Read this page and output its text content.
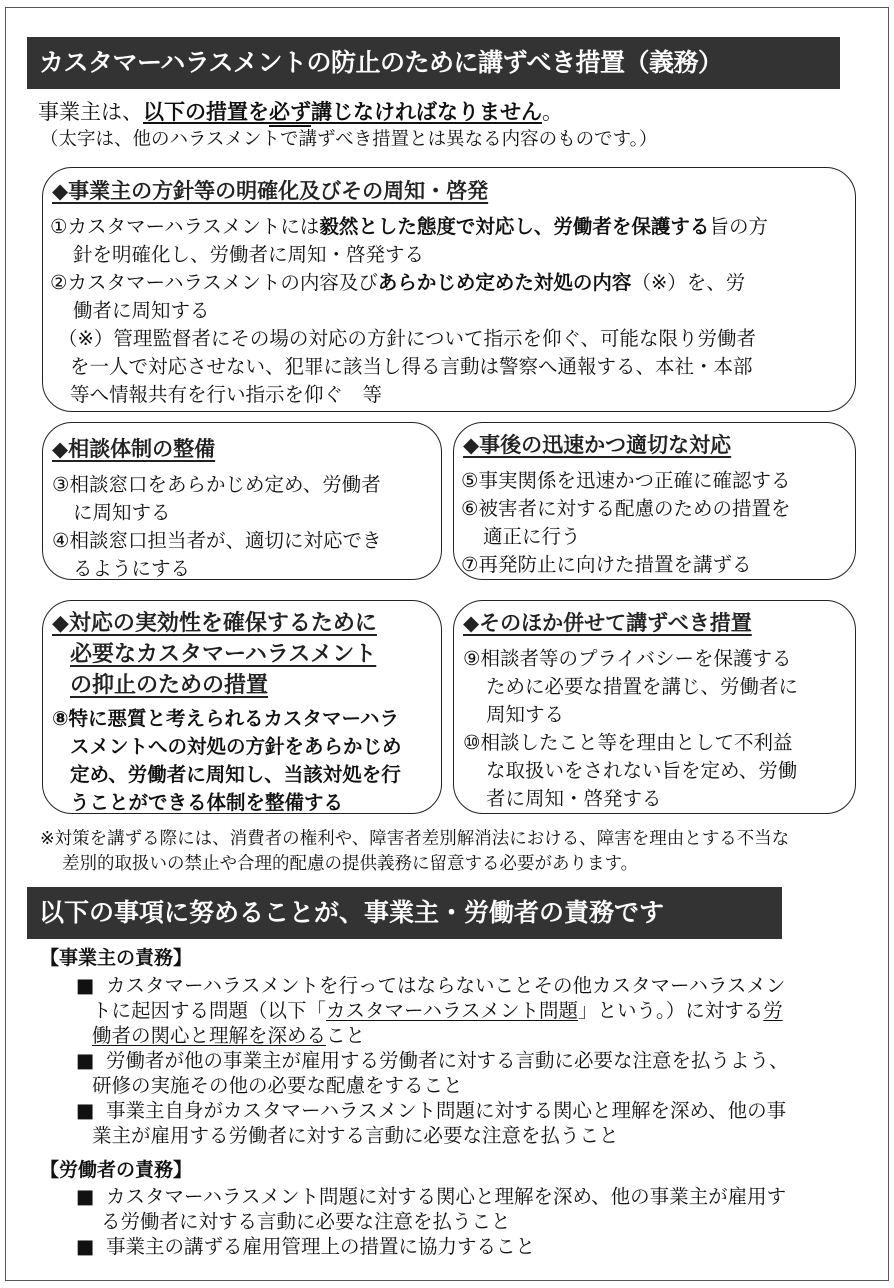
カスタマーハラスメントの防止のために講ずべき措置（義務）
事業主は、以下の措置を必ず講じなければなりません。
（太字は、他のハラスメントで講ずべき措置とは異なる内容のものです。）
◆事業主の方針等の明確化及びその周知・啓発
①カスタマーハラスメントには毅然とした態度で対応し、労働者を保護する旨の方
針を明確化し、労働者に周知・啓発する
②カスタマーハラスメントの内容及びあらかじめ定めた対処の内容（※）を、労
働者に周知する
（※）管理監督者にその場の対応の方針について指示を仰ぐ、可能な限り労働者
を一人で対応させない、犯罪に該当し得る言動は警察へ通報する、本社・本部
等へ情報共有を行い指示を仰ぐ　等
◆相談体制の整備
③相談窓口をあらかじめ定め、労働者
に周知する
④相談窓口担当者が、適切に対応でき
るようにする
◆事後の迅速かつ適切な対応
⑤事実関係を迅速かつ正確に確認する
⑥被害者に対する配慮のための措置を
適正に行う
⑦再発防止に向けた措置を講ずる
◆対応の実効性を確保するために
必要なカスタマーハラスメント
の抑止のための措置
⑧特に悪質と考えられるカスタマーハラ
スメントへの対処の方針をあらかじめ
定め、労働者に周知し、当該対処を行
うことができる体制を整備する
◆そのほか併せて講ずべき措置
⑨相談者等のプライバシーを保護する
ために必要な措置を講じ、労働者に
周知する
⑩相談したこと等を理由として不利益
な取扱いをされない旨を定め、労働
者に周知・啓発する
※対策を講ずる際には、消費者の権利や、障害者差別解消法における、障害を理由とする不当な
差別的取扱いの禁止や合理的配慮の提供義務に留意する必要があります。
以下の事項に努めることが、事業主・労働者の責務です
【事業主の責務】
■ カスタマーハラスメントを行ってはならないことその他カスタマーハラスメン
トに起因する問題（以下「カスタマーハラスメント問題」という。）に対する労
働者の関心と理解を深めること
■ 労働者が他の事業主が雇用する労働者に対する言動に必要な注意を払うよう、
研修の実施その他の必要な配慮をすること
■ 事業主自身がカスタマーハラスメント問題に対する関心と理解を深め、他の事
業主が雇用する労働者に対する言動に必要な注意を払うこと
【労働者の責務】
■ カスタマーハラスメント問題に対する関心と理解を深め、他の事業主が雇用す
る労働者に対する言動に必要な注意を払うこと
■ 事業主の講ずる雇用管理上の措置に協力すること
